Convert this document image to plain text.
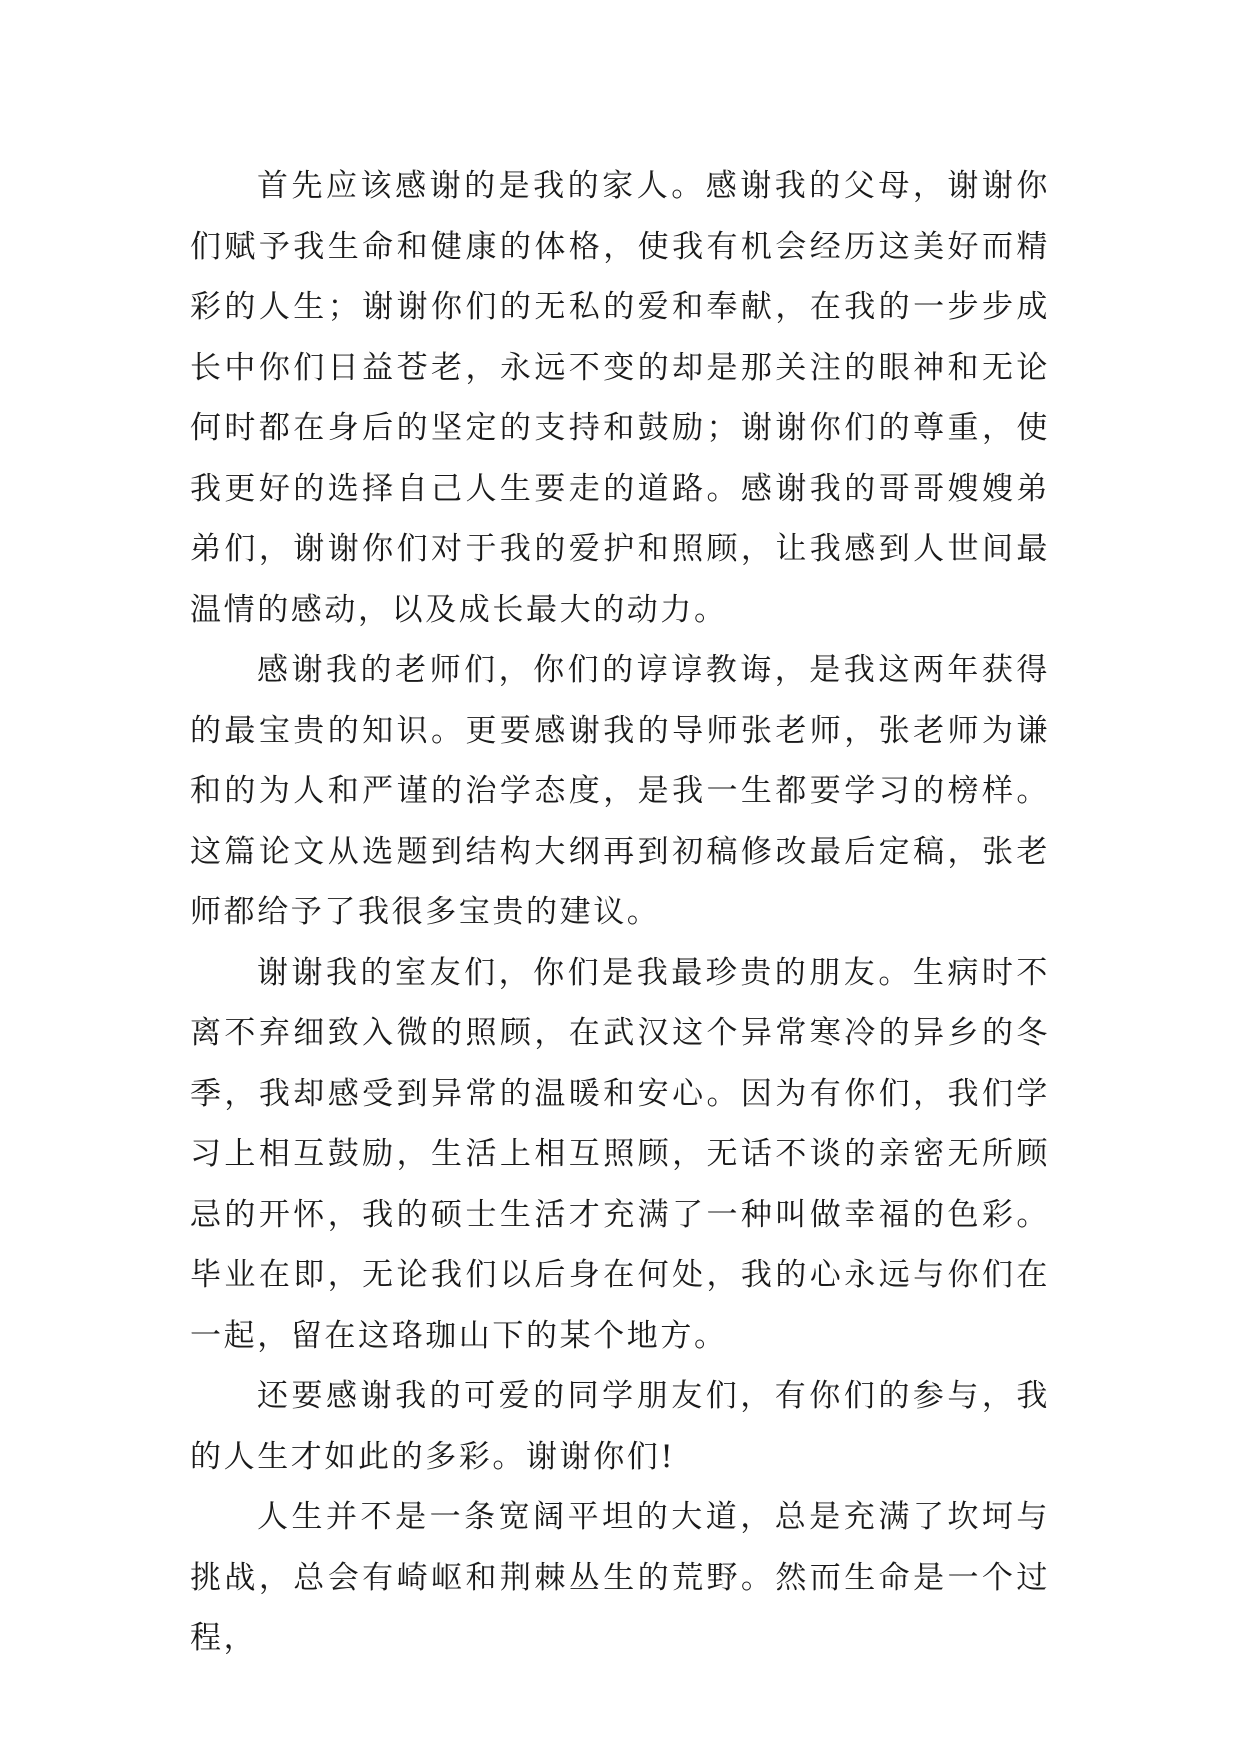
首先应该感谢的是我的家人。感谢我的父母，谢谢你们赋予我生命和健康的体格，使我有机会经历这美好而精彩的人生；谢谢你们的无私的爱和奉献，在我的一步步成长中你们日益苍老，永远不变的却是那关注的眼神和无论何时都在身后的坚定的支持和鼓励；谢谢你们的尊重，使我更好的选择自己人生要走的道路。感谢我的哥哥嫂嫂弟弟们，谢谢你们对于我的爱护和照顾，让我感到人世间最温情的感动，以及成长最大的动力。

感谢我的老师们，你们的谆谆教诲，是我这两年获得的最宝贵的知识。更要感谢我的导师张老师，张老师为谦和的为人和严谨的治学态度，是我一生都要学习的榜样。这篇论文从选题到结构大纲再到初稿修改最后定稿，张老师都给予了我很多宝贵的建议。

谢谢我的室友们，你们是我最珍贵的朋友。生病时不离不弃细致入微的照顾，在武汉这个异常寒冷的异乡的冬季，我却感受到异常的温暖和安心。因为有你们，我们学习上相互鼓励，生活上相互照顾，无话不谈的亲密无所顾忌的开怀，我的硕士生活才充满了一种叫做幸福的色彩。毕业在即，无论我们以后身在何处，我的心永远与你们在一起，留在这珞珈山下的某个地方。

还要感谢我的可爱的同学朋友们，有你们的参与，我的人生才如此的多彩。谢谢你们!

人生并不是一条宽阔平坦的大道，总是充满了坎坷与挑战，总会有崎岖和荆棘丛生的荒野。然而生命是一个过程，
